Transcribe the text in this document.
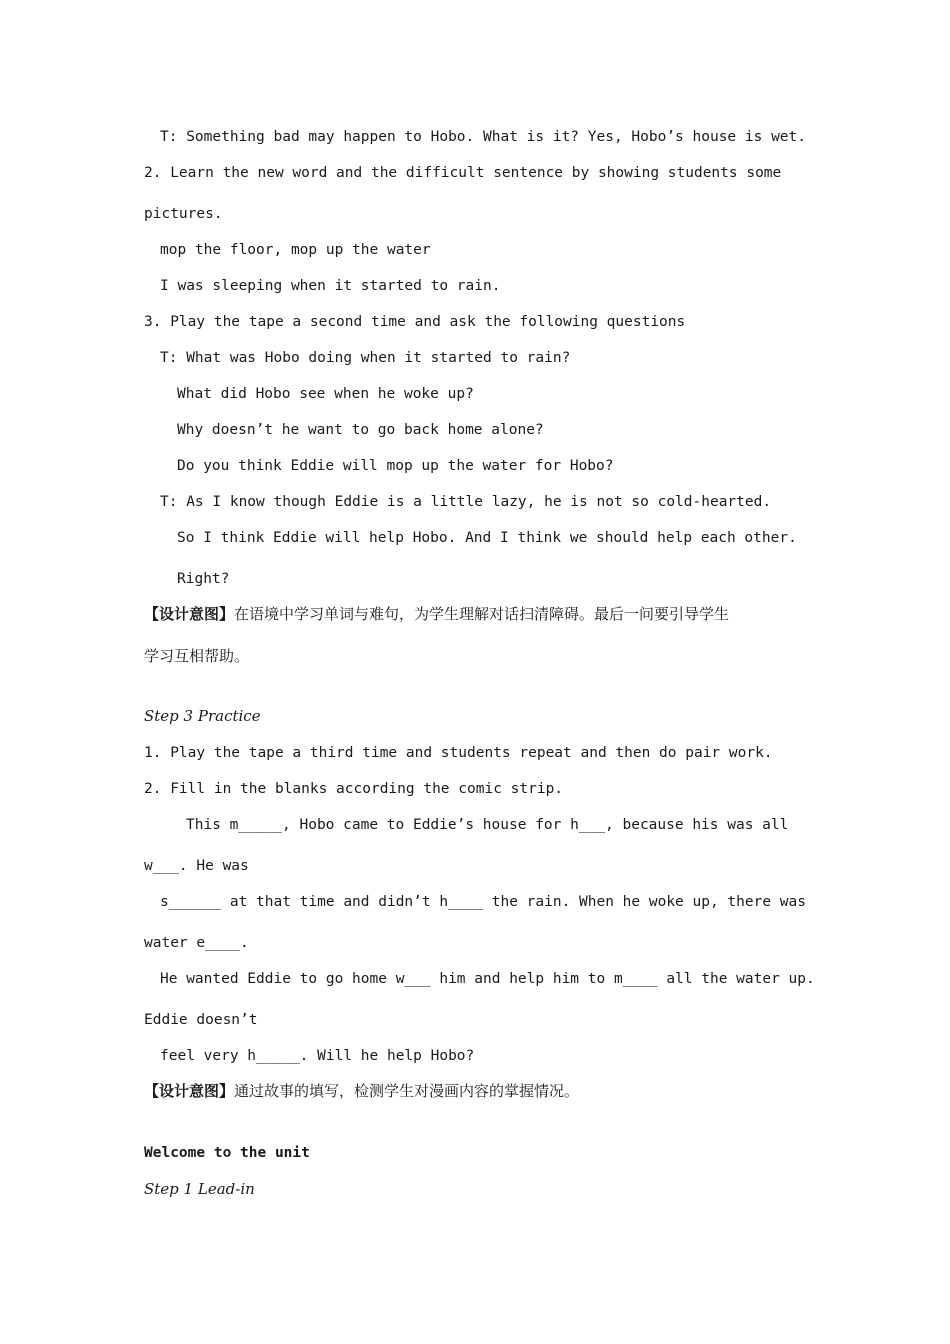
T: Something bad may happen to Hobo. What is it? Yes, Hobo’s house is wet.

2. Learn the new word and the difficult sentence by showing students some

pictures.

mop the floor, mop up the water

I was sleeping when it started to rain.

3. Play the tape a second time and ask the following questions

T: What was Hobo doing when it started to rain?

What did Hobo see when he woke up?

Why doesn’t he want to go back home alone?

Do you think Eddie will mop up the water for Hobo?

T: As I know though Eddie is a little lazy, he is not so cold-hearted.

So I think Eddie will help Hobo. And I think we should help each other.

Right?

【设计意图】在语境中学习单词与难句，为学生理解对话扫清障碍。最后一问要引导学生

学习互相帮助。

Step 3 Practice

1. Play the tape a third time and students repeat and then do pair work.

2. Fill in the blanks according the comic strip.

This m_____, Hobo came to Eddie’s house for h___, because his was all

w___. He was

s______ at that time and didn’t h____ the rain. When he woke up, there was

water e____.

He wanted Eddie to go home w___ him and help him to m____ all the water up.

Eddie doesn’t

feel very h_____. Will he help Hobo?

【设计意图】通过故事的填写，检测学生对漫画内容的掌握情况。

Welcome to the unit

Step 1 Lead-in
